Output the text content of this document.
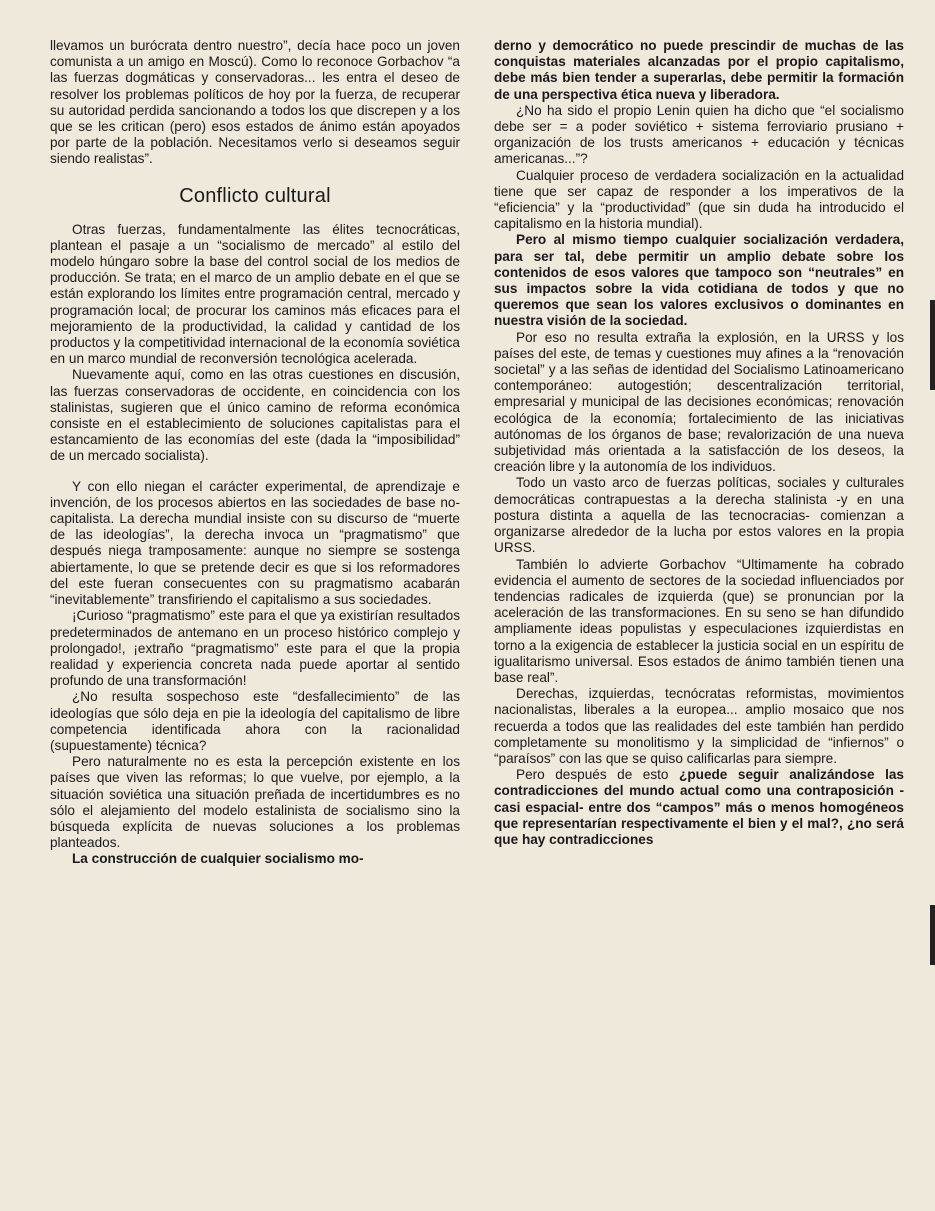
llevamos un burócrata dentro nuestro”, decía hace poco un joven comunista a un amigo en Moscú). Como lo reconoce Gorbachov “a las fuerzas dogmáticas y conservadoras... les entra el deseo de resolver los problemas políticos de hoy por la fuerza, de recuperar su autoridad perdida sancionando a todos los que discrepen y a los que se les critican (pero) esos estados de ánimo están apoyados por parte de la población. Necesitamos verlo si deseamos seguir siendo realistas”.

Conflicto cultural

Otras fuerzas, fundamentalmente las élites tecnocráticas, plantean el pasaje a un “socialismo de mercado” al estilo del modelo húngaro sobre la base del control social de los medios de producción. Se trata; en el marco de un amplio debate en el que se están explorando los límites entre programación central, mercado y programación local; de procurar los caminos más eficaces para el mejoramiento de la productividad, la calidad y cantidad de los productos y la competitividad internacional de la economía soviética en un marco mundial de reconversión tecnológica acelerada.

Nuevamente aquí, como en las otras cuestiones en discusión, las fuerzas conservadoras de occidente, en coincidencia con los stalinistas, sugieren que el único camino de reforma económica consiste en el establecimiento de soluciones capitalistas para el estancamiento de las economías del este (dada la “imposibilidad” de un mercado socialista).

Y con ello niegan el carácter experimental, de aprendizaje e invención, de los procesos abiertos en las sociedades de base no-capitalista. La derecha mundial insiste con su discurso de “muerte de las ideologías”, la derecha invoca un “pragmatismo” que después niega tramposamente: aunque no siempre se sostenga abiertamente, lo que se pretende decir es que si los reformadores del este fueran consecuentes con su pragmatismo acabarán “inevitablemente” transfiriendo el capitalismo a sus sociedades.

¡Curioso “pragmatismo” este para el que ya existirían resultados predeterminados de antemano en un proceso histórico complejo y prolongado!, ¡extraño “pragmatismo” este para el que la propia realidad y experiencia concreta nada puede aportar al sentido profundo de una transformación!

¿No resulta sospechoso este “desfallecimiento” de las ideologías que sólo deja en pie la ideología del capitalismo de libre competencia identificada ahora con la racionalidad (supuestamente) técnica?

Pero naturalmente no es esta la percepción existente en los países que viven las reformas; lo que vuelve, por ejemplo, a la situación soviética una situación preñada de incertidumbres es no sólo el alejamiento del modelo estalinista de socialismo sino la búsqueda explícita de nuevas soluciones a los problemas planteados.

La construcción de cualquier socialismo mo-

derno y democrático no puede prescindir de muchas de las conquistas materiales alcanzadas por el propio capitalismo, debe más bien tender a superarlas, debe permitir la formación de una perspectiva ética nueva y liberadora.

¿No ha sido el propio Lenin quien ha dicho que “el socialismo debe ser = a poder soviético + sistema ferroviario prusiano + organización de los trusts americanos + educación y técnicas americanas...”?

Cualquier proceso de verdadera socialización en la actualidad tiene que ser capaz de responder a los imperativos de la “eficiencia” y la “productividad” (que sin duda ha introducido el capitalismo en la historia mundial).

Pero al mismo tiempo cualquier socialización verdadera, para ser tal, debe permitir un amplio debate sobre los contenidos de esos valores que tampoco son “neutrales” en sus impactos sobre la vida cotidiana de todos y que no queremos que sean los valores exclusivos o dominantes en nuestra visión de la sociedad.

Por eso no resulta extraña la explosión, en la URSS y los países del este, de temas y cuestiones muy afines a la “renovación societal” y a las señas de identidad del Socialismo Latinoamericano contemporáneo: autogestión; descentralización territorial, empresarial y municipal de las decisiones económicas; renovación ecológica de la economía; fortalecimiento de las iniciativas autónomas de los órganos de base; revalorización de una nueva subjetividad más orientada a la satisfacción de los deseos, la creación libre y la autonomía de los individuos.

Todo un vasto arco de fuerzas políticas, sociales y culturales democráticas contrapuestas a la derecha stalinista -y en una postura distinta a aquella de las tecnocracias- comienzan a organizarse alrededor de la lucha por estos valores en la propia URSS.

También lo advierte Gorbachov “Ultimamente ha cobrado evidencia el aumento de sectores de la sociedad influenciados por tendencias radicales de izquierda (que) se pronuncian por la aceleración de las transformaciones. En su seno se han difundido ampliamente ideas populistas y especulaciones izquierdistas en torno a la exigencia de establecer la justicia social en un espíritu de igualitarismo universal. Esos estados de ánimo también tienen una base real”.

Derechas, izquierdas, tecnócratas reformistas, movimientos nacionalistas, liberales a la europea... amplio mosaico que nos recuerda a todos que las realidades del este también han perdido completamente su monolitismo y la simplicidad de “infiernos” o “paraísos” con las que se quiso calificarlas para siempre.

Pero después de esto ¿puede seguir analizándose las contradicciones del mundo actual como una contraposición -casi espacial- entre dos “campos” más o menos homogéneos que representarían respectivamente el bien y el mal?, ¿no será que hay contradicciones
